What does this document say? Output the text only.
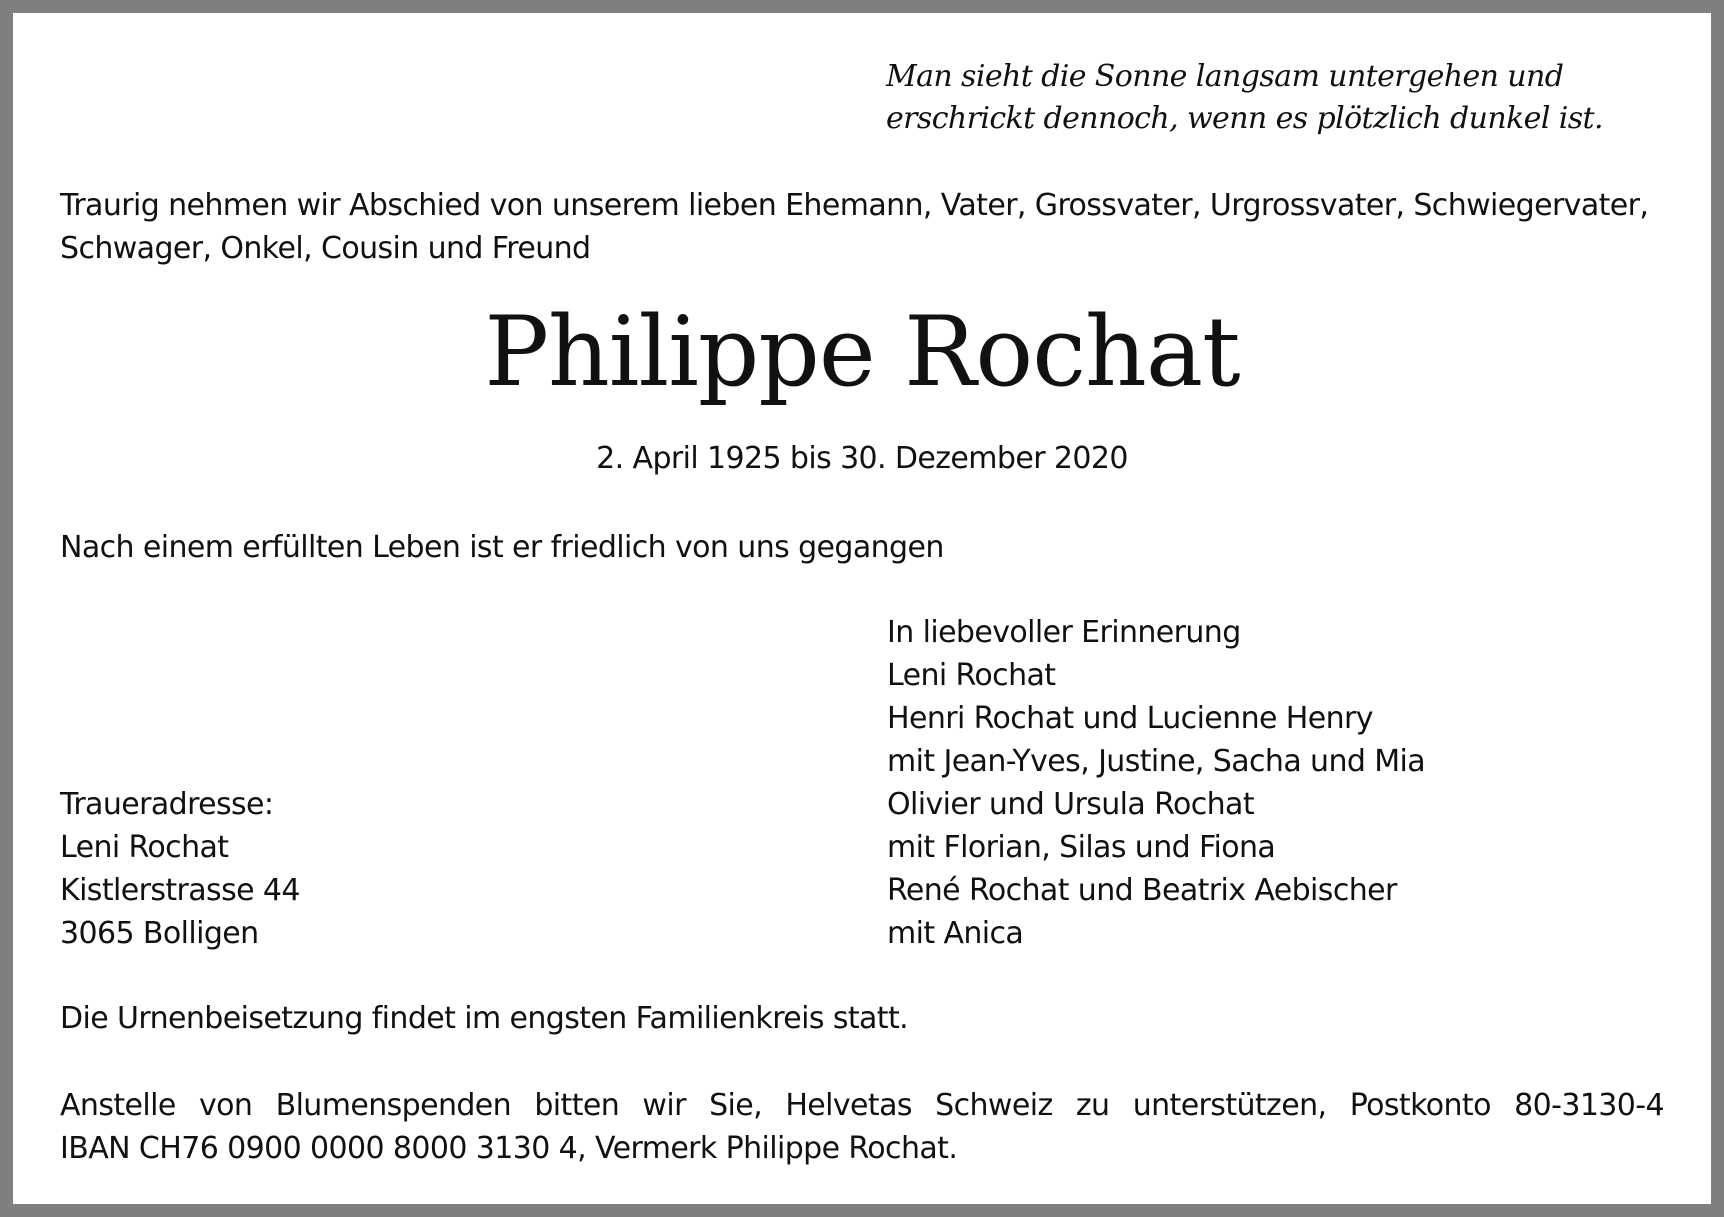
Man sieht die Sonne langsam untergehen und
erschrickt dennoch, wenn es plötzlich dunkel ist.
Traurig nehmen wir Abschied von unserem lieben Ehemann, Vater, Grossvater, Urgrossvater, Schwiegervater,
Schwager, Onkel, Cousin und Freund
Philippe Rochat
2. April 1925 bis 30. Dezember 2020
Nach einem erfüllten Leben ist er friedlich von uns gegangen
In liebevoller Erinnerung
Leni Rochat
Henri Rochat und Lucienne Henry
mit Jean-Yves, Justine, Sacha und Mia
Olivier und Ursula Rochat
mit Florian, Silas und Fiona
René Rochat und Beatrix Aebischer
mit Anica
Traueradresse:
Leni Rochat
Kistlerstrasse 44
3065 Bolligen
Die Urnenbeisetzung findet im engsten Familienkreis statt.
Anstelle von Blumenspenden bitten wir Sie, Helvetas Schweiz zu unterstützen, Postkonto 80-3130-4
IBAN CH76 0900 0000 8000 3130 4, Vermerk Philippe Rochat.
